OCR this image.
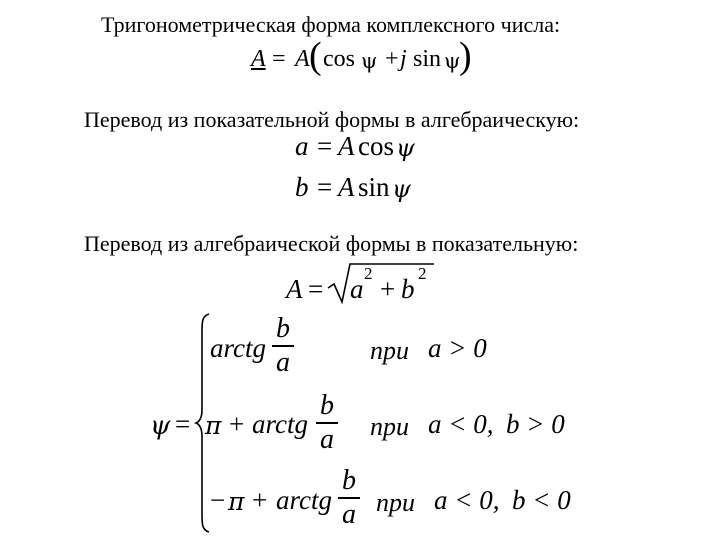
Тригонометрическая форма комплексного числа:
Перевод из показательной формы в алгебраическую:
Перевод из алгебраической формы в показательную:
A = A ( cos ψ + j sin ψ
)
a = A cos ψ
b = A sin ψ
A = a
2
+ b
2
ψ =
arctg
b
a	при a > 0
π + arctg
b
a при a < 0, b > 0
− π + arctg
b
a при a < 0, b < 0
